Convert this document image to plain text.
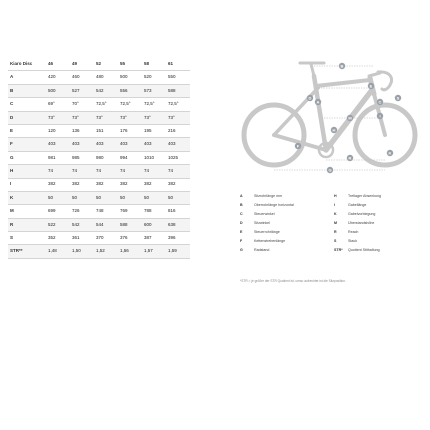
Kiaro Disc	46	49	52	55	58	61
A	420	460	480	500	520	550
B	500	527	542	556	573	588
C	69°	70°	72,5°	72,5°	72,5°	72,5°
D	73°	73°	73°	73°	73°	73°
E	120	136	151	176	195	216
F	403	403	403	403	403	403
G	981	985	980	994	1010	1025
H	74	74	74	74	74	74
I	382	382	382	382	382	382
K	50	50	50	50	50	50
M	699	726	748	769	788	816
R	522	542	544	588	600	638
S	352	361	370	376	387	396
STR**	1,48	1,50	1,52	1,56	1,57	1,59
A
B
C
D
E
F
G
H
I
K
M
R
S
A	Sitzrohrlänge mm
B	Oberrohrlänge horizontal
C	Steuerwinkel
D	Sitzwinkel
E	Steuerrohrlänge
F	Kettenstrebenlänge
G	Radstand
H	Tretlager Absenkung
I	Gabellänge
K	Gabelvorbiegung
M	Überstandshöhe
R	Reach
S	Stack
STR*	Quotient Stithaltung
*STR = je größer der STR Quotient ist, umso aufrechter ist die Sitzposition.
